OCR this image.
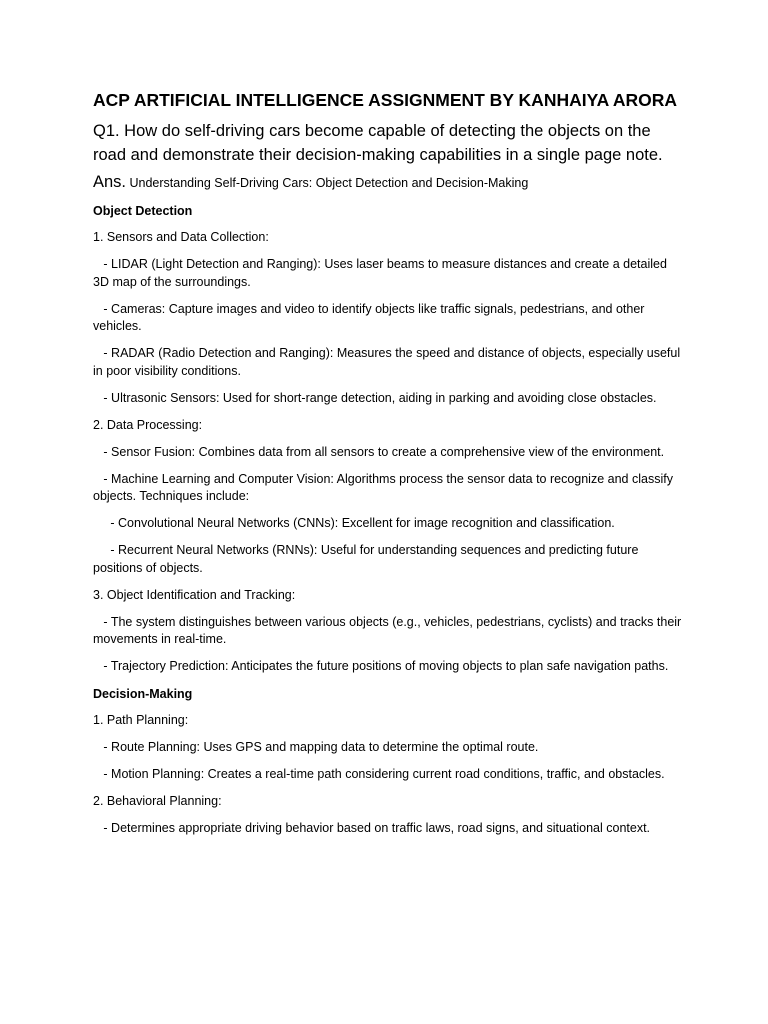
ACP ARTIFICIAL INTELLIGENCE ASSIGNMENT BY KANHAIYA ARORA
Q1. How do self-driving cars become capable of detecting the objects on the road and demonstrate their decision-making capabilities in a single page note.
Ans. Understanding Self-Driving Cars: Object Detection and Decision-Making
Object Detection
1. Sensors and Data Collection:
- LIDAR (Light Detection and Ranging): Uses laser beams to measure distances and create a detailed 3D map of the surroundings.
- Cameras: Capture images and video to identify objects like traffic signals, pedestrians, and other vehicles.
- RADAR (Radio Detection and Ranging): Measures the speed and distance of objects, especially useful in poor visibility conditions.
- Ultrasonic Sensors: Used for short-range detection, aiding in parking and avoiding close obstacles.
2. Data Processing:
- Sensor Fusion: Combines data from all sensors to create a comprehensive view of the environment.
- Machine Learning and Computer Vision: Algorithms process the sensor data to recognize and classify objects. Techniques include:
- Convolutional Neural Networks (CNNs): Excellent for image recognition and classification.
- Recurrent Neural Networks (RNNs): Useful for understanding sequences and predicting future positions of objects.
3. Object Identification and Tracking:
- The system distinguishes between various objects (e.g., vehicles, pedestrians, cyclists) and tracks their movements in real-time.
- Trajectory Prediction: Anticipates the future positions of moving objects to plan safe navigation paths.
Decision-Making
1. Path Planning:
- Route Planning: Uses GPS and mapping data to determine the optimal route.
- Motion Planning: Creates a real-time path considering current road conditions, traffic, and obstacles.
2. Behavioral Planning:
- Determines appropriate driving behavior based on traffic laws, road signs, and situational context.
